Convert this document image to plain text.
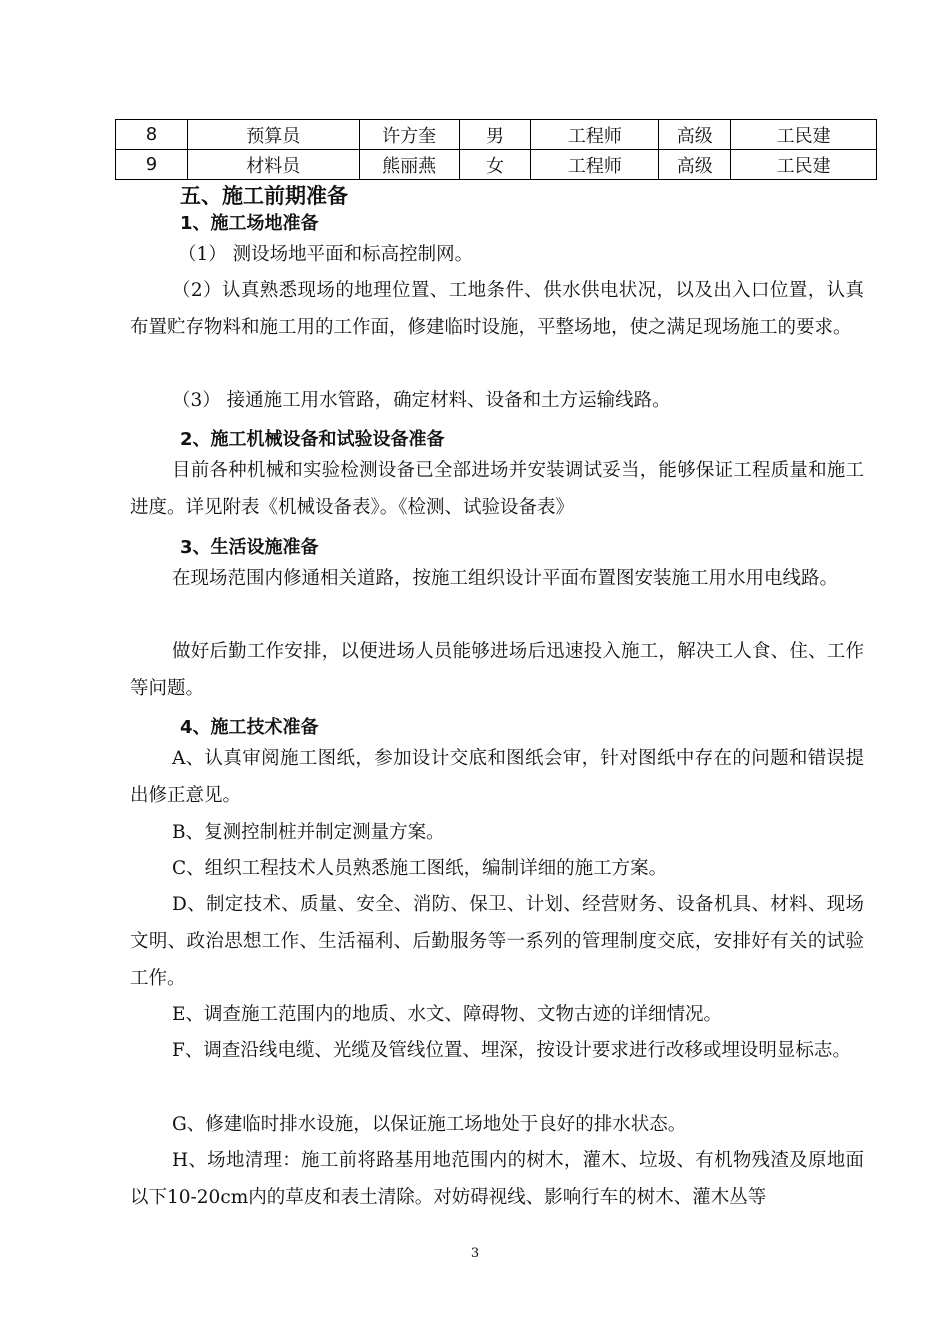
8	预算员	许方奎	男	工程师	高级	工民建
9	材料员	熊丽燕	女	工程师	高级	工民建
五、施工前期准备
1、施工场地准备

（1） 测设场地平面和标高控制网。

（2）认真熟悉现场的地理位置、工地条件、供水供电状况，以及出入口位置，认真布置贮存物料和施工用的工作面，修建临时设施，平整场地，使之满足现场施工的要求。

（3） 接通施工用水管路，确定材料、设备和土方运输线路。

2、施工机械设备和试验设备准备

目前各种机械和实验检测设备已全部进场并安装调试妥当，能够保证工程质量和施工进度。详见附表《机械设备表》。《检测、试验设备表》

3、生活设施准备

在现场范围内修通相关道路，按施工组织设计平面布置图安装施工用水用电线路。

做好后勤工作安排，以便进场人员能够进场后迅速投入施工，解决工人食、住、工作等问题。

4、施工技术准备

A、认真审阅施工图纸，参加设计交底和图纸会审，针对图纸中存在的问题和错误提出修正意见。

B、复测控制桩并制定测量方案。

C、组织工程技术人员熟悉施工图纸，编制详细的施工方案。

D、制定技术、质量、安全、消防、保卫、计划、经营财务、设备机具、材料、现场文明、政治思想工作、生活福利、后勤服务等一系列的管理制度交底，安排好有关的试验工作。

E、调查施工范围内的地质、水文、障碍物、文物古迹的详细情况。

F、调查沿线电缆、光缆及管线位置、埋深，按设计要求进行改移或埋设明显标志。

G、修建临时排水设施，以保证施工场地处于良好的排水状态。

H、场地清理：施工前将路基用地范围内的树木，灌木、垃圾、有机物残渣及原地面以下10-20cm内的草皮和表土清除。对妨碍视线、影响行车的树木、灌木丛等

3
